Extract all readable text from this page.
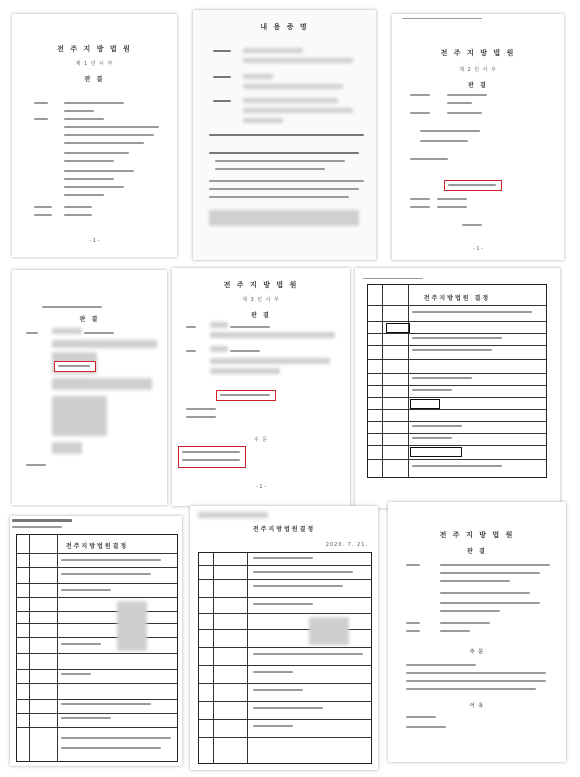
전 주 지 방 법 원
제 1 민 사 부
판 결
- 1 -
내 용 증 명
전 주 지 방 법 원
제 2 민 사 부
판 결
- 1 -
판 결
전 주 지 방 법 원
제 3 민 사 부
판 결
주 문
- 1 -
전주지방법원 결정
전주지방법원결정
전주지방법원결정
2020. 7. 21.
전 주 지 방 법 원
판 결
주 문
이 유
